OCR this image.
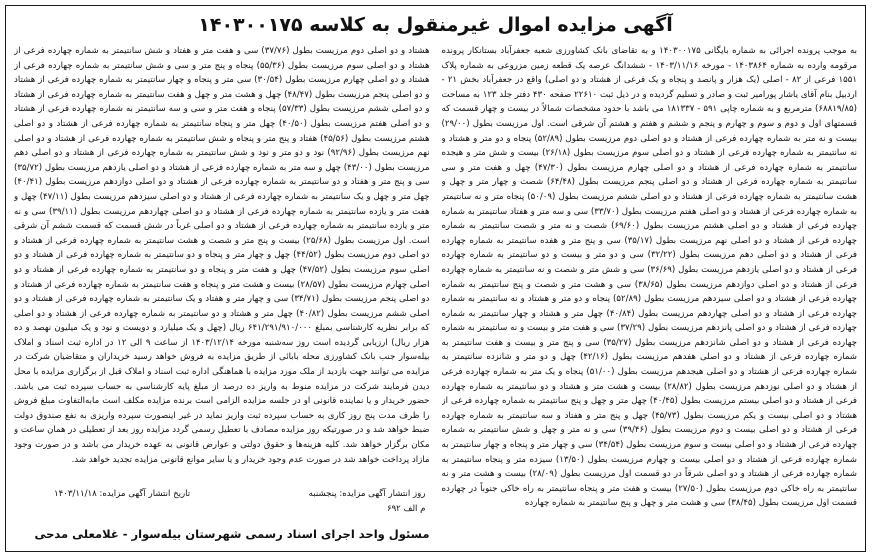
آگهی مزایده اموال غیرمنقول به کلاسه ۱۴۰۳۰۰۱۷۵

به موجب پرونده اجرائی به شماره بایگانی ۱۴۰۳۰۰۱۷۵ و به تقاضای بانک کشاورزی شعبه جعفرآباد بستانکار پرونده مرقومه وارده به شماره ۱۴۰۳۸۶۴ - مورخه ۱۴۰۳/۱۱/۱۶ - ششدانگ عرصه یک قطعه زمین مزروعی به شماره پلاک ۱۵۵۱ فرعی از ۸۲ - اصلی (یک هزار و پانصد و پنجاه و یک فرعی از هشتاد و دو اصلی) واقع در جعفرآباد بخش ۲۱ - اردبیل بنام آقای یاشار پورامیر ثبت و صادر و تسلیم گردیده و در ذیل ثبت ۲۲۶۱۰ صفحه ۴۳۰ دفتر جلد ۱۲۳ به مساحت (۶۸۸۱۹/۸۵) مترمربع و به شماره چاپی ۵۹۱ - ۱۸۱۳۳۷ می باشد با حدود مشخصات شمالاً در بیست و چهار قسمت که قسمتهای اول و دوم و سوم و چهارم و پنجم و ششم و هفتم و هشتم آن شرقی است. اول مرزیست بطول (۲۹/۰۰) بیست و نه متر به شماره چهارده فرعی از هشتاد و دو اصلی دوم مرزیست بطول (۵۲/۸۹) پنجاه و دو متر و هشتاد و نه سانتیمتر به شماره چهارده فرعی از هشتاد و دو اصلی سوم مرزیست بطول (۲۶/۱۸) بیست و شش متر و هیجده سانتیمتر به شماره چهارده فرعی از هشتاد و دو اصلی چهارم مرزیست بطول (۴۷/۳۰) چهل و هفت متر و سی سانتیمتر به شماره چهارده فرعی از هشتاد و دو اصلی پنجم مرزیست بطول (۶۴/۴۸) شصت و چهار متر و چهل و هشت سانتیمتر به شماره چهارده فرعی از هشتاد و دو اصلی ششم مرزیست بطول (۵۰/۰۹) پنجاه متر و نه سانتیمتر به شماره چهارده فرعی از هشتاد و دو اصلی هفتم مرزیست بطول (۳۳/۷۰) سی و سه متر و هفتاد سانتیمتر به شماره چهارده فرعی از هشتاد و دو اصلی هشتم مرزیست بطول (۶۹/۶۰) شصت و نه متر و شصت سانتیمتر به شماره چهارده فرعی از هشتاد و دو اصلی نهم مرزیست بطول (۳۵/۱۷) سی و پنج متر و هفده سانتیمتر به شماره چهارده فرعی از هشتاد و دو اصلی دهم مرزیست بطول (۳۲/۲۲) سی و دو متر و بیست و دو سانتیمتر به شماره چهارده فرعی از هشتاد و دو اصلی یازدهم مرزیست بطول (۳۶/۶۹) سی و شش متر و شصت و نه سانتیمتر به شماره چهارده فرعی از هشتاد و دو اصلی دوازدهم مرزیست بطول (۳۸/۶۵) سی و هشت متر و شصت و پنج سانتیمتر به شماره چهارده فرعی از هشتاد و دو اصلی سیزدهم مرزیست بطول (۵۲/۸۹) پنجاه و دو متر و هشتاد و نه سانتیمتر به شماره چهارده فرعی از هشتاد و دو اصلی چهاردهم مرزیست بطول (۴۰/۸۴) چهل متر و هشتاد و چهار سانتیمتر به شماره چهارده فرعی از هشتاد و دو اصلی پانزدهم مرزیست بطول (۳۷/۲۹) سی و هفت متر و بیست و نه سانتیمتر به شماره چهارده فرعی از هشتاد و دو اصلی شانزدهم مرزیست بطول (۳۵/۲۷) سی و پنج متر و بیست و هفت سانتیمتر به شماره چهارده فرعی از هشتاد و دو اصلی هفدهم مرزیست بطول (۴۲/۱۶) چهل و دو متر و شانزده سانتیمتر به شماره چهارده فرعی از هشتاد و دو اصلی هیجدهم مرزیست بطول (۵۱/۰۰) پنجاه و یک متر به شماره چهارده فرعی از هشتاد و دو اصلی نوزدهم مرزیست بطول (۲۸/۸۲) بیست و هشت متر و هشتاد و دو سانتیمتر به شماره چهارده فرعی از هشتاد و دو اصلی بیستم مرزیست بطول (۴۰/۴۵) چهل متر و چهل و پنج سانتیمتر به شماره چهارده فرعی از هشتاد و دو اصلی بیست و یکم مرزیست بطول (۴۵/۷۳) چهل و پنج متر و هفتاد و سه سانتیمتر به شماره چهارده فرعی از هشتاد و دو اصلی بیست و دوم مرزیست بطول (۳۹/۴۶) سی و نه متر و چهل و شش سانتیمتر به شماره چهارده فرعی از هشتاد و دو اصلی بیست و سوم مرزیست بطول (۳۴/۵۴) سی و چهار متر و پنجاه و چهار سانتیمتر به شماره چهارده فرعی از هشتاد و دو اصلی بیست و چهارم مرزیست بطول (۱۳/۵۰) سیزده متر و پنجاه سانتیمتر به شماره چهارده فرعی از هشتاد و دو اصلی شرقاً در دو قسمت اول مرزیست بطول (۲۸/۰۹) بیست و هشت متر و نه سانتیمتر به راه خاکی دوم مرزیست بطول (۲۷/۵۰) بیست و هفت متر و پنجاه سانتیمتر به راه خاکی جنوباً در چهارده قسمت اول مرزیست بطول (۳۸/۴۵) سی و هشت متر و چهل و پنج سانتیمتر به شماره چهارده

هشتاد و دو اصلی دوم مرزیست بطول (۳۷/۷۶) سی و هفت متر و هفتاد و شش سانتیمتر به شماره چهارده فرعی از هشتاد و دو اصلی سوم مرزیست بطول (۵۵/۳۶) پنجاه و پنج متر و سی و شش سانتیمتر به شماره چهارده فرعی از هشتاد و دو اصلی چهارم مرزیست بطول (۳۰/۵۴) سی متر و پنجاه و چهار سانتیمتر به شماره چهارده فرعی از هشتاد و دو اصلی پنجم مرزیست بطول (۴۸/۴۷) چهل و هشت متر و چهل و هفت سانتیمتر به شماره چهارده فرعی از هشتاد و دو اصلی ششم مرزیست بطول (۵۷/۳۳) پنجاه و هفت متر و سی و سه سانتیمتر به شماره چهارده فرعی از هشتاد و دو اصلی هفتم مرزیست بطول (۴۰/۵۰) چهل متر و پنجاه سانتیمتر به شماره چهارده فرعی از هشتاد و دو اصلی هشتم مرزیست بطول (۴۵/۵۶) هفتاد و پنج متر و پنجاه و شش سانتیمتر به شماره چهارده فرعی از هشتاد و دو اصلی نهم مرزیست بطول (۹۲/۹۶) نود و دو متر و نود و شش سانتیمتر به شماره چهارده فرعی از هشتاد و دو اصلی دهم مرزیست بطول (۴۳/۰۰) چهل و سه متر به شماره چهارده فرعی از هشتاد و دو اصلی یازدهم مرزیست بطول (۳۵/۷۲) سی و پنج متر و هفتاد و دو سانتیمتر به شماره چهارده فرعی از هشتاد و دو اصلی دوازدهم مرزیست بطول (۴۰/۴۱) چهل متر و چهل و یک سانتیمتر به شماره چهارده فرعی از هشتاد و دو اصلی سیزدهم مرزیست بطول (۴۷/۱۱) چهل و هفت متر و یازده سانتیمتر به شماره چهارده فرعی از هشتاد و دو اصلی چهاردهم مرزیست بطول (۳۹/۱۱) سی و نه متر و یازده سانتیمتر به شماره چهارده فرعی از هشتاد و دو اصلی غرباً در شش قسمت که قسمت ششم آن شرقی است. اول مرزیست بطول (۲۵/۶۸) بیست و پنج متر و شصت و هشت سانتیمتر به شماره چهارده فرعی از هشتاد و دو اصلی دوم مرزیست بطول (۴۴/۵۲) چهل و چهار متر و پنجاه و دو سانتیمتر به شماره چهارده فرعی از هشتاد و دو اصلی سوم مرزیست بطول (۴۷/۵۲) چهل و هفت متر و پنجاه و دو سانتیمتر به شماره چهارده فرعی از هشتاد و دو اصلی چهارم مرزیست بطول (۲۸/۵۷) بیست و هشت متر و پنجاه و هفت سانتیمتر به شماره چهارده فرعی از هشتاد و دو اصلی پنجم مرزیست بطول (۳۴/۷۱) سی و چهار متر و هفتاد و یک سانتیمتر به شماره چهارده فرعی از هشتاد و دو اصلی ششم مرزیست بطول (۴۰/۸۲) چهل متر و هشتاد و دو سانتیمتر به شماره چهارده فرعی از هشتاد و دو اصلی که برابر نظریه کارشناسی بمبلغ ۶۴۱/۲۹۱/۹۱۰/۰۰۰ ریال (چهل و یک میلیارد و دویست و نود و یک میلیون نهصد و ده هزار ریال) ارزیابی گردیده است روز سه‌شنبه مورخه ۱۴۰۳/۱۲/۱۴ از ساعت ۹ الی ۱۲ در اداره ثبت اسناد و املاک بیله‌سوار جنب بانک کشاورزی محله بابائی از طریق مزایده به فروش خواهد رسید خریداران و متقاضیان شرکت در مزایده می توانند جهت بازدید از ملک مورد مزایده با هماهنگی اداره ثبت اسناد و املاک قبل از برگزاری مزایده با محل دیدن فرمایند شرکت در مزایده منوط به واریز ده درصد از مبلغ پایه کارشناسی به حساب سپرده ثبت می باشد. حضور خریدار و یا نماینده قانونی او در جلسه مزایده الزامی است برنده مزایده مکلف است مابه‌التفاوت مبلغ فروش را ظرف مدت پنج روز کاری به حساب سپرده ثبت واریز نماید در غیر اینصورت سپرده واریزی به نفع صندوق دولت ضبط خواهد شد و در صورتیکه روز مزایده مصادف با تعطیل رسمی گردد مزایده روز بعد از تعطیلی در همان ساعت و مکان برگزار خواهد شد. کلیه هزینه‌ها و حقوق دولتی و عوارض قانونی به عهده خریدار می باشد و در صورت وجود مازاد پرداخت خواهد شد در صورت عدم وجود خریدار و یا سایر موانع قانونی مزایده تجدید خواهد شد.

روز انتشار آگهی مزایده: پنجشنبه
تاریخ انتشار آگهی مزایده: ۱۴۰۳/۱۱/۱۸
م الف ۶۹۲
مسئول واحد اجرای اسناد رسمی شهرستان بیله‌سوار - غلامعلی مدحی
